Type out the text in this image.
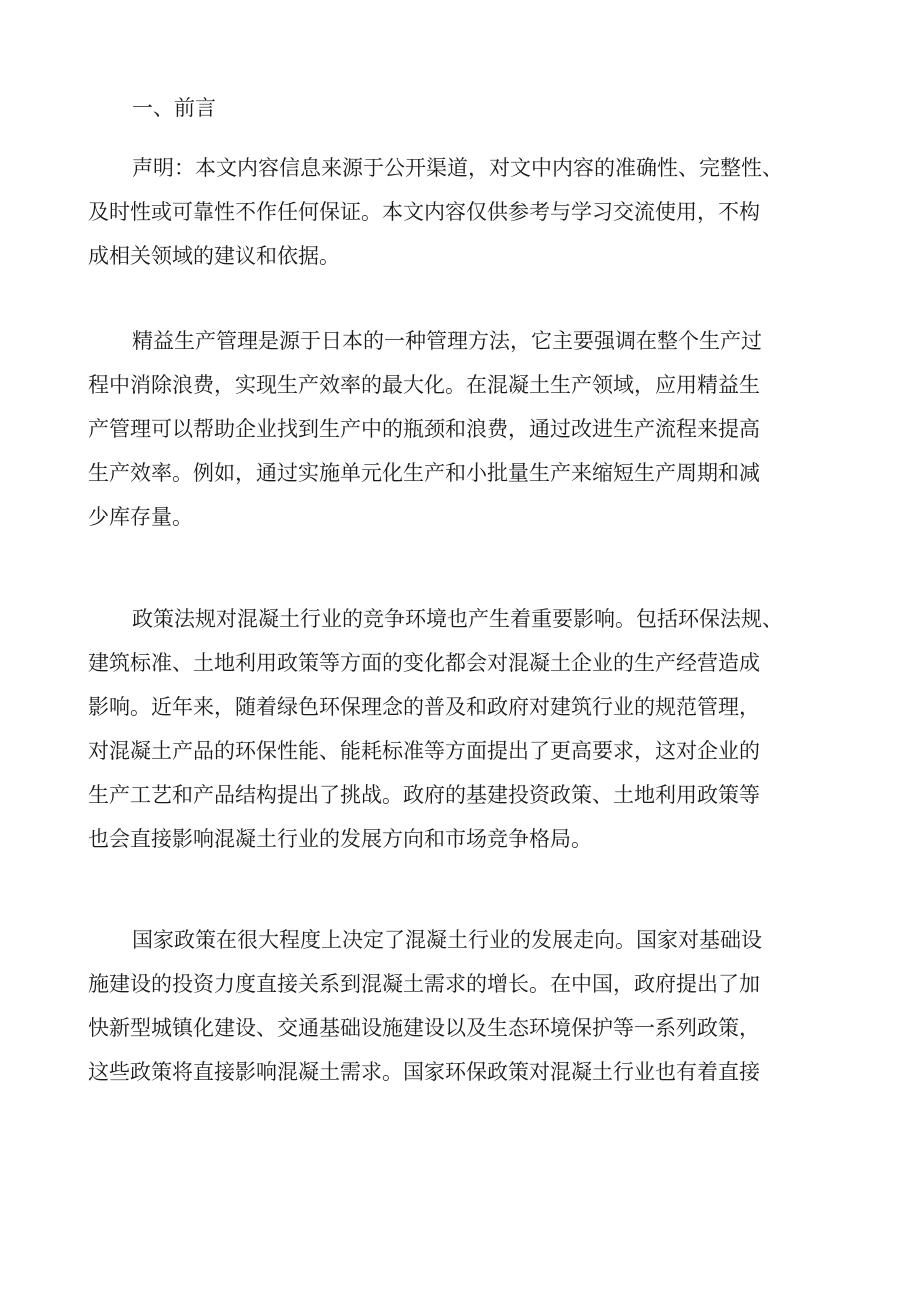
一、前言
声明：本文内容信息来源于公开渠道，对文中内容的准确性、完整性、
及时性或可靠性不作任何保证。本文内容仅供参考与学习交流使用，不构
成相关领域的建议和依据。
精益生产管理是源于日本的一种管理方法，它主要强调在整个生产过
程中消除浪费，实现生产效率的最大化。在混凝土生产领域，应用精益生
产管理可以帮助企业找到生产中的瓶颈和浪费，通过改进生产流程来提高
生产效率。例如，通过实施单元化生产和小批量生产来缩短生产周期和减
少库存量。
政策法规对混凝土行业的竞争环境也产生着重要影响。包括环保法规、
建筑标准、土地利用政策等方面的变化都会对混凝土企业的生产经营造成
影响。近年来，随着绿色环保理念的普及和政府对建筑行业的规范管理，
对混凝土产品的环保性能、能耗标准等方面提出了更高要求，这对企业的
生产工艺和产品结构提出了挑战。政府的基建投资政策、土地利用政策等
也会直接影响混凝土行业的发展方向和市场竞争格局。
国家政策在很大程度上决定了混凝土行业的发展走向。国家对基础设
施建设的投资力度直接关系到混凝土需求的增长。在中国，政府提出了加
快新型城镇化建设、交通基础设施建设以及生态环境保护等一系列政策，
这些政策将直接影响混凝土需求。国家环保政策对混凝土行业也有着直接
